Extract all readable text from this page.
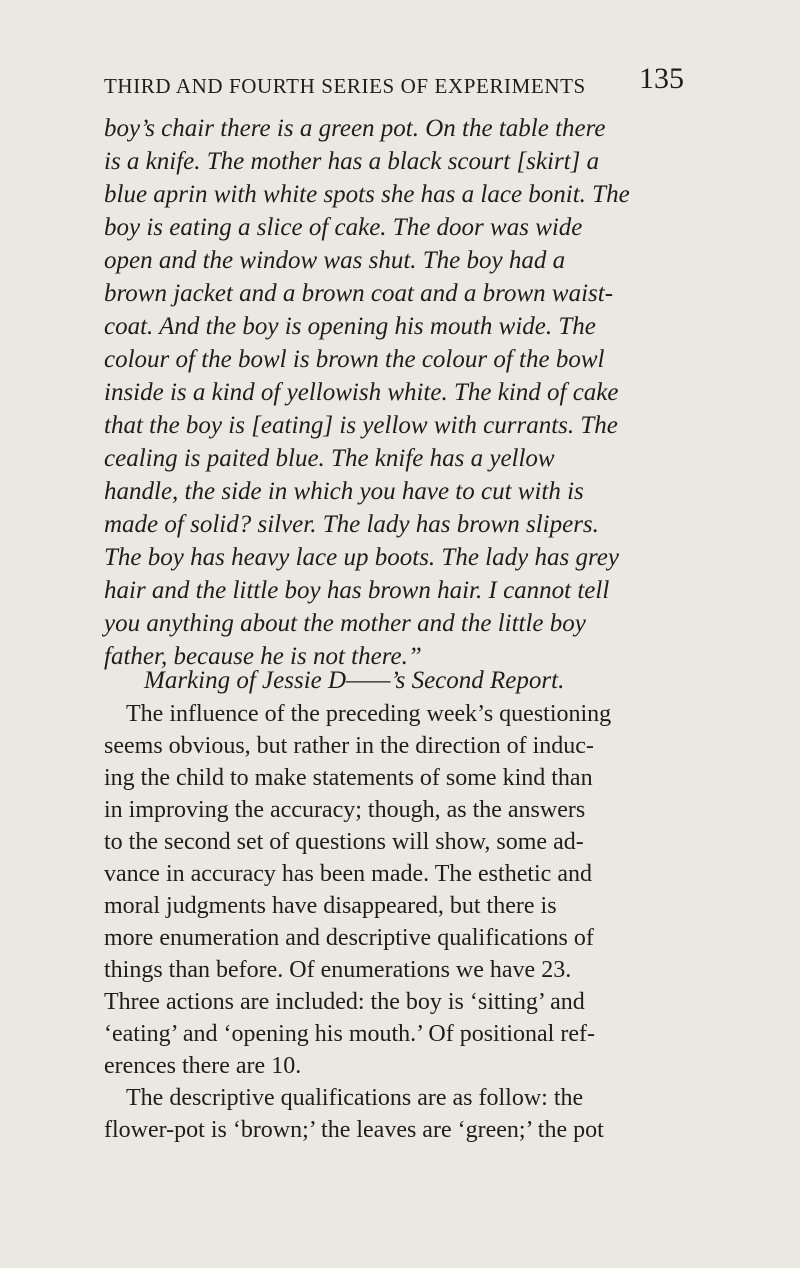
THIRD AND FOURTH SERIES OF EXPERIMENTS 135
boy’s chair there is a green pot. On the table there
is a knife. The mother has a black scourt [skirt] a
blue aprin with white spots she has a lace bonit. The
boy is eating a slice of cake. The door was wide
open and the window was shut. The boy had a
brown jacket and a brown coat and a brown waist-
coat. And the boy is opening his mouth wide. The
colour of the bowl is brown the colour of the bowl
inside is a kind of yellowish white. The kind of cake
that the boy is [eating] is yellow with currants. The
cealing is paited blue. The knife has a yellow
handle, the side in which you have to cut with is
made of solid? silver. The lady has brown slipers.
The boy has heavy lace up boots. The lady has grey
hair and the little boy has brown hair. I cannot tell
you anything about the mother and the little boy
father, because he is not there.”
Marking of Jessie D——’s Second Report.
The influence of the preceding week’s questioning
seems obvious, but rather in the direction of induc-
ing the child to make statements of some kind than
in improving the accuracy; though, as the answers
to the second set of questions will show, some ad-
vance in accuracy has been made. The esthetic and
moral judgments have disappeared, but there is
more enumeration and descriptive qualifications of
things than before. Of enumerations we have 23.
Three actions are included: the boy is ‘sitting’ and
‘eating’ and ‘opening his mouth.’ Of positional ref-
erences there are 10.
The descriptive qualifications are as follow: the
flower-pot is ‘brown;’ the leaves are ‘green;’ the pot
